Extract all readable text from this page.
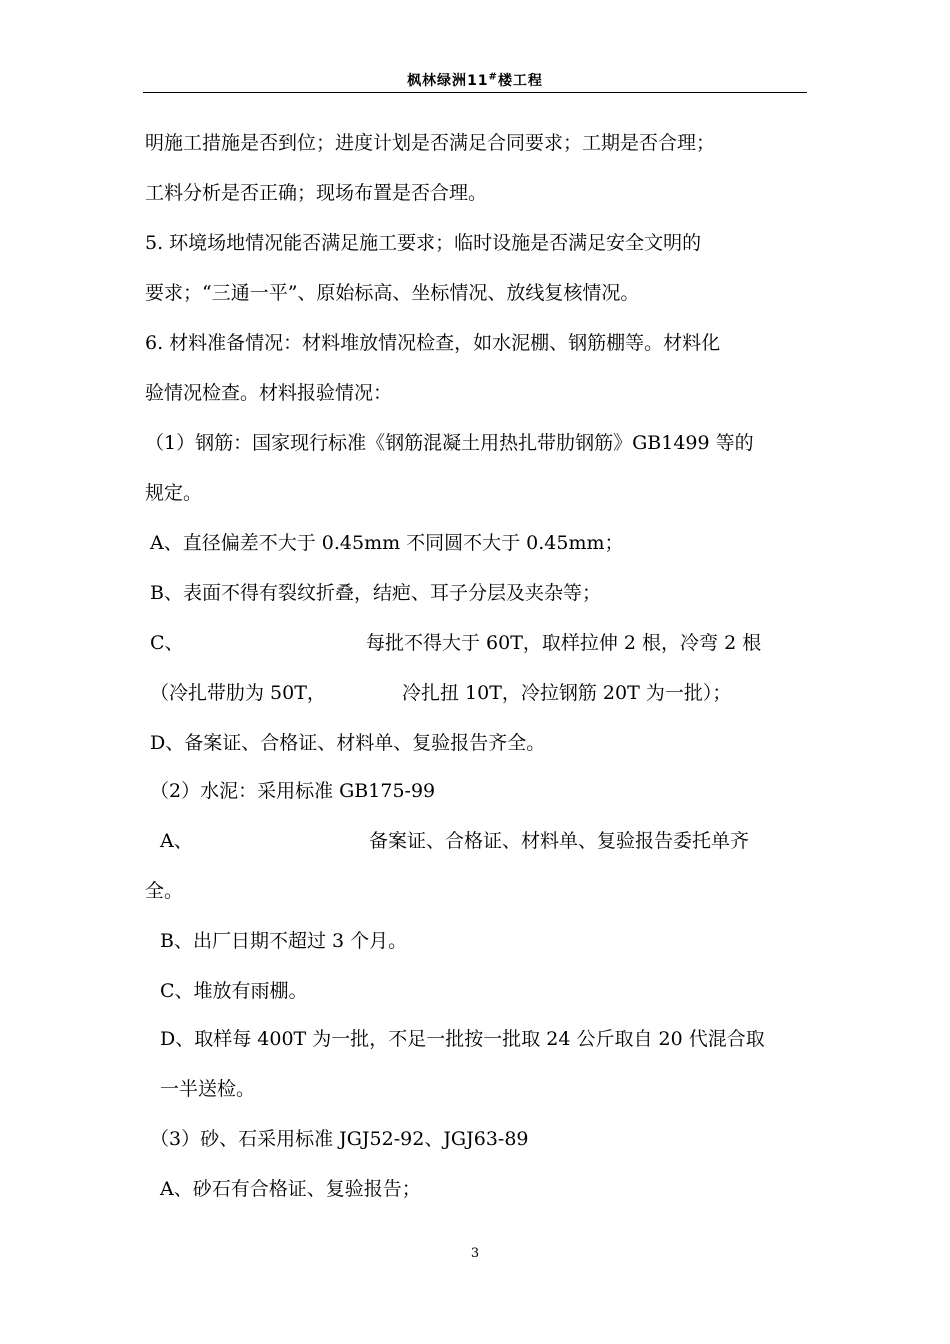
枫林绿洲11#楼工程
明施工措施是否到位；进度计划是否满足合同要求；工期是否合理；
工料分析是否正确；现场布置是否合理。
5. 环境场地情况能否满足施工要求；临时设施是否满足安全文明的
要求；“三通一平”、原始标高、坐标情况、放线复核情况。
6. 材料准备情况：材料堆放情况检查，如水泥棚、钢筋棚等。材料化
验情况检查。材料报验情况：
（1）钢筋：国家现行标准《钢筋混凝土用热扎带肋钢筋》GB1499 等的
规定。
A、直径偏差不大于 0.45mm 不同圆不大于 0.45mm；
B、表面不得有裂纹折叠，结疤、耳子分层及夹杂等；
C、	每批不得大于 60T，取样拉伸 2 根，冷弯 2 根
（冷扎带肋为 50T，	冷扎扭 10T，冷拉钢筋 20T 为一批）；
D、备案证、合格证、材料单、复验报告齐全。
（2）水泥：采用标准 GB175-99
A、	备案证、合格证、材料单、复验报告委托单齐
全。
B、出厂日期不超过 3 个月。
C、堆放有雨棚。
D、取样每 400T 为一批，不足一批按一批取 24 公斤取自 20 代混合取
一半送检。
（3）砂、石采用标准 JGJ52-92、JGJ63-89
A、砂石有合格证、复验报告；
3
